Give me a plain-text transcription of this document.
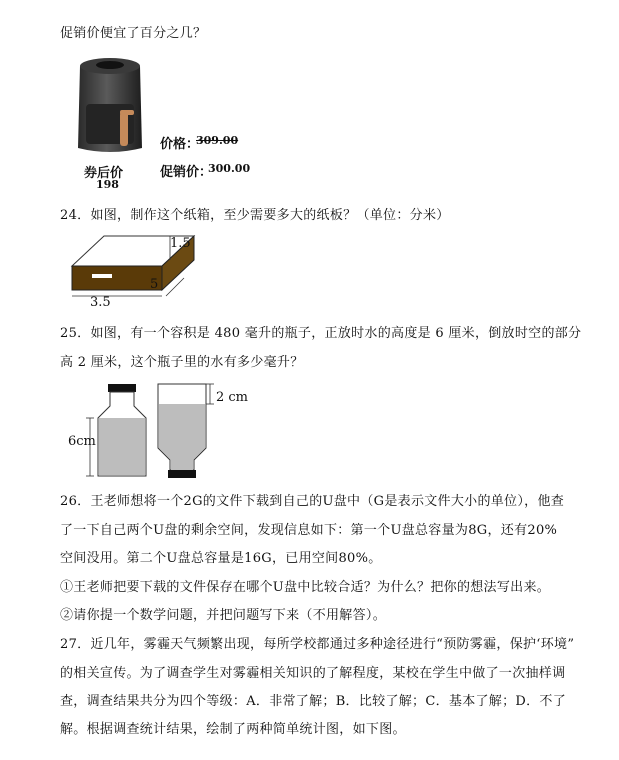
促销价便宜了百分之几？
券后价
198
价格：
309.00
促销价：
300.00
24．如图，制作这个纸箱，至少需要多大的纸板？（单位：分米）
1.5
5
3.5
25．如图，有一个容积是 480 毫升的瓶子，正放时水的高度是 6 厘米，倒放时空的部分
高 2 厘米，这个瓶子里的水有多少毫升？
6cm
2 cm
26．王老师想将一个2G的文件下载到自己的U盘中（G是表示文件大小的单位），他查
了一下自己两个U盘的剩余空间，发现信息如下：第一个U盘总容量为8G，还有20%
空间没用。第二个U盘总容量是16G，已用空间80%。
①王老师把要下载的文件保存在哪个U盘中比较合适？为什么？把你的想法写出来。
②请你提一个数学问题，并把问题写下来（不用解答）。
27．近几年，雾霾天气频繁出现，每所学校都通过多种途径进行“预防雾霾，保护‘环境”
的相关宣传。为了调查学生对雾霾相关知识的了解程度，某校在学生中做了一次抽样调
查，调查结果共分为四个等级：A．非常了解；B．比较了解；C．基本了解；D．不了
解。根据调查统计结果，绘制了两种简单统计图，如下图。
